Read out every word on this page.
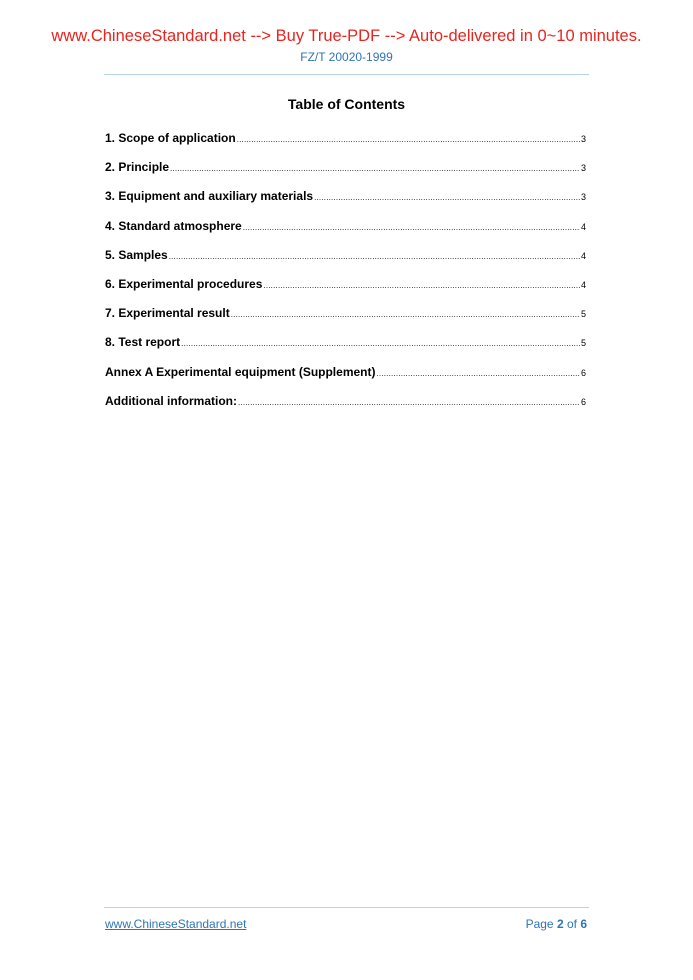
www.ChineseStandard.net --> Buy True-PDF --> Auto-delivered in 0~10 minutes.
FZ/T 20020-1999
Table of Contents
1. Scope of application .....	3
2. Principle .....	3
3. Equipment and auxiliary materials .....	3
4. Standard atmosphere .....	4
5. Samples .....	4
6. Experimental procedures .....	4
7. Experimental result .....	5
8. Test report .....	5
Annex A Experimental equipment (Supplement) .....	6
Additional information: .....	6
www.ChineseStandard.net	Page 2 of 6
